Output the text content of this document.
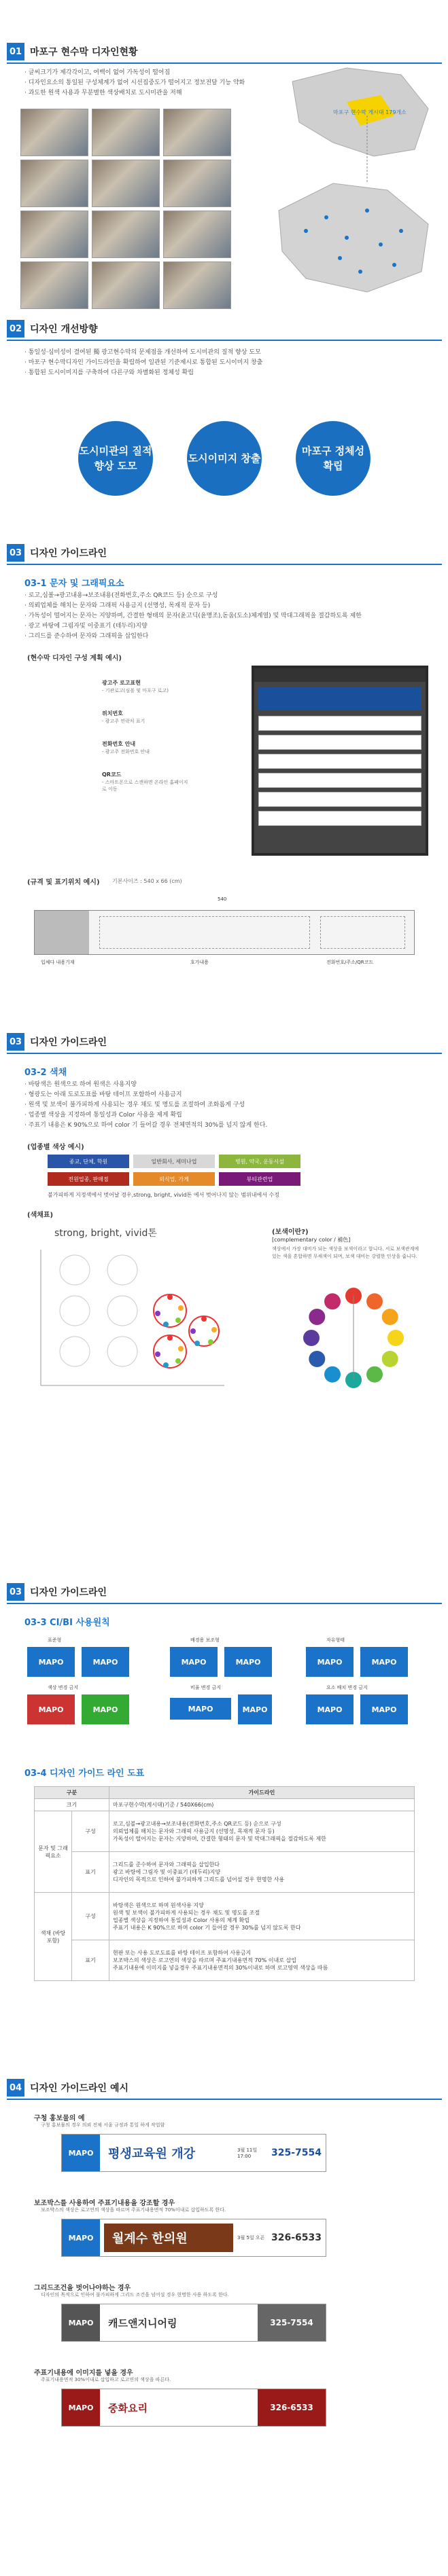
01 마포구 현수막 디자인현황
· 글씨크기가 제각각이고, 여백이 없어 가독성이 떨어짐
· 디자인요소의 통일된 구성체계가 없어 시선집중도가 떨어지고 정보전달 기능 약화
· 과도한 원색 사용과 무분별한 색상배치로 도시미관을 저해
마포구 현수막 게시대 179개소
02 디자인 개선방향
· 통일성·심미성이 결여된 獨 광고현수막의 문제점을 개선하여 도시미관의 질적 향상 도모
· 마포구 현수막디자인 가이드라인을 확립하여 일관된 기준제시로 통합된 도시이미지 창출
· 통합된 도시이미지를 구축하여 다른구와 차별화된 정체성 확립
도시미관의 질적향상 도모
도시이미지 창출
마포구 정체성 확립
03 디자인 가이드라인
03-1 문자 및 그래픽요소
· 로고,심볼→광고내용→보조내용(전화번호,주소 QR코드 등) 순으로 구성
· 의뢰업체를 해치는 문자와 그래픽 사용금지 (선명성, 목재적 문자 등)
· 가독성이 떨어지는 문자는 지양하며, 간결한 형태의 문자(윤고딕(윤명조),돋움(도소)체계열) 및 막대그래픽을 절감하도록 제한
· 광고 바탕에 그림자및 이중표기 (테두리)지양
· 그리드를 준수하여 문자와 그래픽을 삽입한다
(현수막 디자인 구성 계획 예시)
광고주 로고표현
- 기관로고(심볼 및 마포구 로고)
위치번호
- 광고주 연락처 표기
전화번호 안내
- 광고주 전화번호 안내
QR코드
- 스마트폰으로 스캔하면 온라인 홈페이지로 이동
(규격 및 표기위치 예시) 기본사이즈 : 540 x 66 (cm)
540
입체다 내용기재	호가내용	전화번호/주소/QR코드
03 디자인 가이드라인
03-2 색채
· 바탕색은 원색으로 하여 원색은 사용지양
· 형광도는 아래 도로도표를 바탕 테이프 포함하여 사용금지
· 원색 및 보색이 불가피하게 사용되는 경우 채도 및 명도를 조절하여 조화롭게 구성
· 업종별 색상을 지정하여 통일성과 Color 사용을 제게 확립
· 주표기 내용은 K 90%으로 하여 color 기 들어갈 경우 전체면적의 30%를 넘지 않게 한다.
(업종별 색상 예시)
종교, 단체, 학원	일반회사, 세미나업	병원, 약국, 운동시설
전원업종, 판매점	외식업, 가게	뷰티관련업
불가피하게 지정색에서 벗어날 경우,strong, bright, vivid톤 에서 벗어나지 않는 범위내에서 수정
(색채표)
strong, bright, vivid톤	(보색이란?)
[complementary color / 補色]
색상에서 가장 대비가 되는 색상을 보색이라고 합니다. 서로 보색관계에 있는 색을 혼합하면 무채색이 되며, 보색 대비는 강렬한 인상을 줍니다.
03 디자인 가이드라인
03-3 CI/BI 사용원칙
표준형	배경용 보조형	자유형태
MAPO	MAPO	MAPO	MAPO	MAPO	MAPO
색상 변경 금지	비율 변경 금지	요소 배치 변경 금지
MAPO	MAPO	MAPO	MAPO	MAPO	MAPO
03-4 디자인 가이드 라인 도표
구분		가이드라인
크기		마포구현수막(게시대)기준 / 540X66(cm)
문자 및 그래픽요소	구성	로고,심볼→광고내용→보조내용(전화번호,주소 QR코드 등) 순으로 구성
의뢰업체를 해치는 문자와 그래픽 사용금지 (선명성, 목재적 문자 등)
가독성이 떨어지는 문자는 지양하며, 간결한 형태의 문자 및 막대그래픽을 절감하도록 제한

	표기	그리드를 준수하여 문자와 그래픽을 삽입한다
광고 바탕에 그림자 및 이중표기 (테두리)지양
디자인의 목적으로 인하여 불가피하게 그리드를 넘어설 경우 현명한 사용

색채 (바탕포함)	구성	바탕색은 원색으로 하며 원색사용 지양
원색 및 보색이 불가피하게 사용되는 경우 채도 및 명도를 조절
업종별 색상을 지정하여 통일성과 Color 사용의 체계 확립
주표기 내용은 K 90%으로 하며 color 기 들어갈 경우 30%를 넘지 않도록 한다

	표기	현판 또는 사용 도로도료를 바탕 테이프 포함하여 사용금지
보조박스의 색상은 로고연의 색상을 따르며 주표기내용면적 70% 이내로 삽입
주표기내용에 이미지를 넣을경우 주표기내용면적의 30%이내로 하며 로고영역 색상을 따름
04 디자인 가이드라인 예시
구청 홍보물의 예
구청 홍보물의 경우 의뢰 전체 서울 규정과 통일 하게 작업함
MAPO	평생교육원 개강	3월 11일 17:00	325-7554
보조박스를 사용하여 주표기내용을 강조할 경우
보조박스의 색상은 로고연의 색상을 따르며 주표기내용면적 70%이내로 삽입하도록 한다.
MAPO	월계수 한의원	3월 5일 오픈 326-6533
그리드조건을 벗어나야하는 경우
디자인의 목적으로 인하여 불가피하게 그리드 조건을 넘어설 경우 현명한 사용 하도록 한다.
MAPO	캐드앤지니어링	325-7554
주표기내용에 이미지를 넣을 경우
주표기내용면적 30%이내로 삽입하고 로고연의 색상을 따른다.
MAPO	중화요리	326-6533
